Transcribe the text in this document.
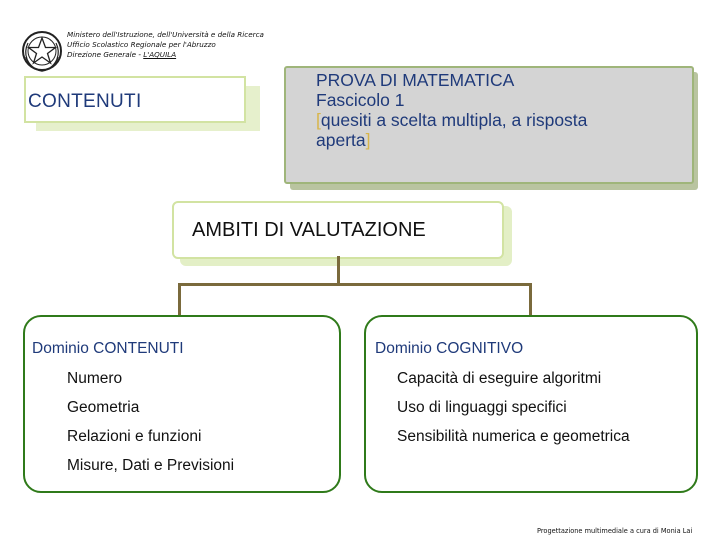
Ministero dell'Istruzione, dell'Università e della Ricerca
Ufficio Scolastico Regionale per l'Abruzzo
Direzione Generale - L'AQUILA
CONTENUTI
PROVA DI MATEMATICA
Fascicolo 1
[quesiti a scelta multipla, a risposta
aperta]
AMBITI DI VALUTAZIONE
Dominio CONTENUTI
Numero
Geometria
Relazioni e funzioni
Misure, Dati e Previsioni
Dominio COGNITIVO
Capacità di eseguire algoritmi
Uso di linguaggi specifici
Sensibilità numerica e geometrica
Progettazione multimediale a cura di Monia Lai
